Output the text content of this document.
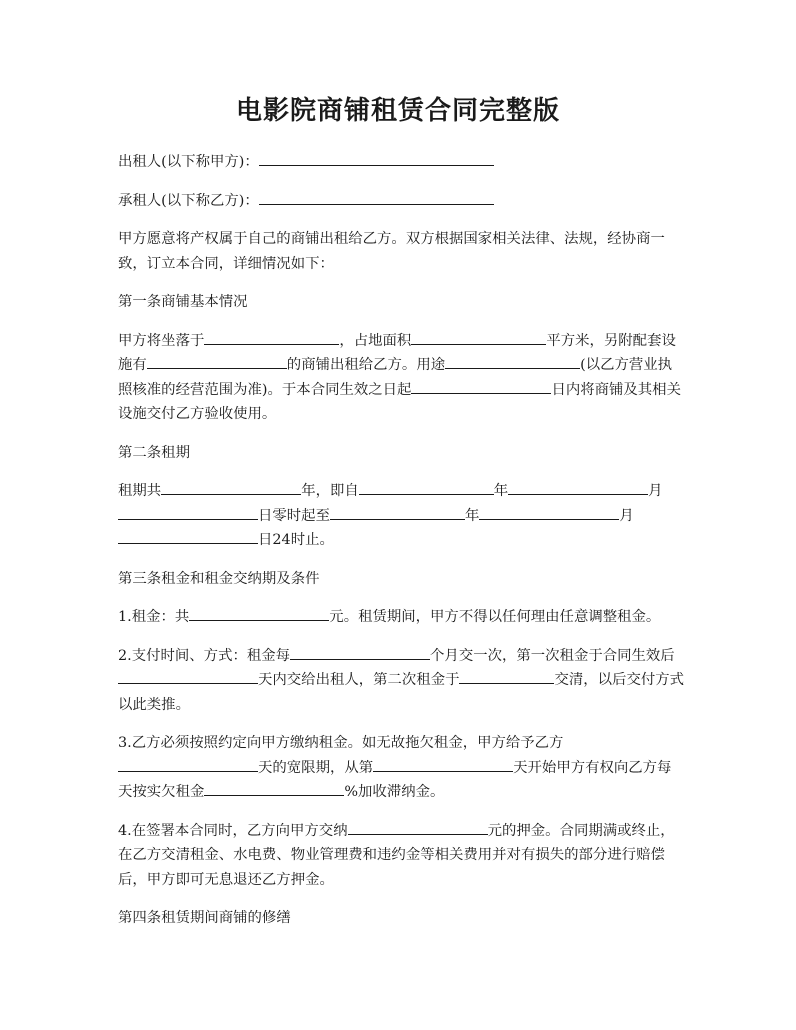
电影院商铺租赁合同完整版

出租人(以下称甲方)：

承租人(以下称乙方)：

甲方愿意将产权属于自己的商铺出租给乙方。双方根据国家相关法律、法规，经协商一致，订立本合同，详细情况如下：

第一条商铺基本情况

甲方将坐落于	，占地面积	平方米，另附配套设施有	的商铺出租给乙方。用途	(以乙方营业执照核准的经营范围为准)。于本合同生效之日起	日内将商铺及其相关设施交付乙方验收使用。

第二条租期

租期共	年，即自	年	月日零时起至	年	月日24时止。

第三条租金和租金交纳期及条件

1.租金：共	元。租赁期间，甲方不得以任何理由任意调整租金。

2.支付时间、方式：租金每	个月交一次，第一次租金于合同生效后天内交给出租人，第二次租金于	交清，以后交付方式以此类推。

3.乙方必须按照约定向甲方缴纳租金。如无故拖欠租金，甲方给予乙方天的宽限期，从第	天开始甲方有权向乙方每天按实欠租金	%加收滞纳金。

4.在签署本合同时，乙方向甲方交纳	元的押金。合同期满或终止，在乙方交清租金、水电费、物业管理费和违约金等相关费用并对有损失的部分进行赔偿后，甲方即可无息退还乙方押金。

第四条租赁期间商铺的修缮
